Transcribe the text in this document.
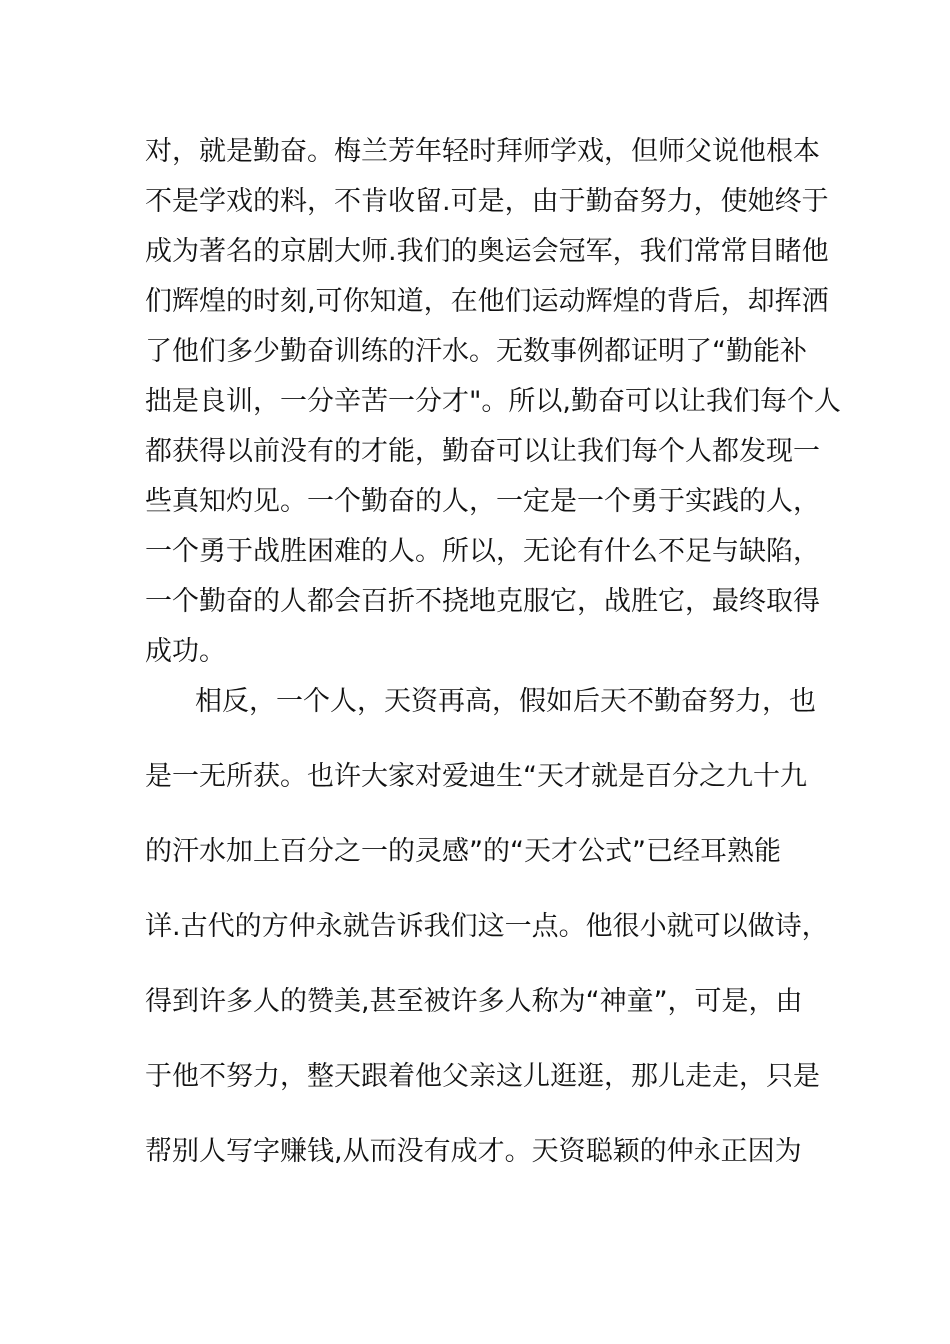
对，就是勤奋。梅兰芳年轻时拜师学戏，但师父说他根本
不是学戏的料，不肯收留.可是，由于勤奋努力，使她终于
成为著名的京剧大师.我们的奥运会冠军，我们常常目睹他
们辉煌的时刻,可你知道，在他们运动辉煌的背后，却挥洒
了他们多少勤奋训练的汗水。无数事例都证明了“勤能补
拙是良训，一分辛苦一分才"。所以,勤奋可以让我们每个人
都获得以前没有的才能，勤奋可以让我们每个人都发现一
些真知灼见。一个勤奋的人，一定是一个勇于实践的人，
一个勇于战胜困难的人。所以，无论有什么不足与缺陷，
一个勤奋的人都会百折不挠地克服它，战胜它，最终取得
成功。
相反，一个人，天资再高，假如后天不勤奋努力，也
是一无所获。也许大家对爱迪生“天才就是百分之九十九
的汗水加上百分之一的灵感”的“天才公式”已经耳熟能
详.古代的方仲永就告诉我们这一点。他很小就可以做诗，
得到许多人的赞美,甚至被许多人称为“神童”，可是，由
于他不努力，整天跟着他父亲这儿逛逛，那儿走走，只是
帮别人写字赚钱,从而没有成才。天资聪颖的仲永正因为
